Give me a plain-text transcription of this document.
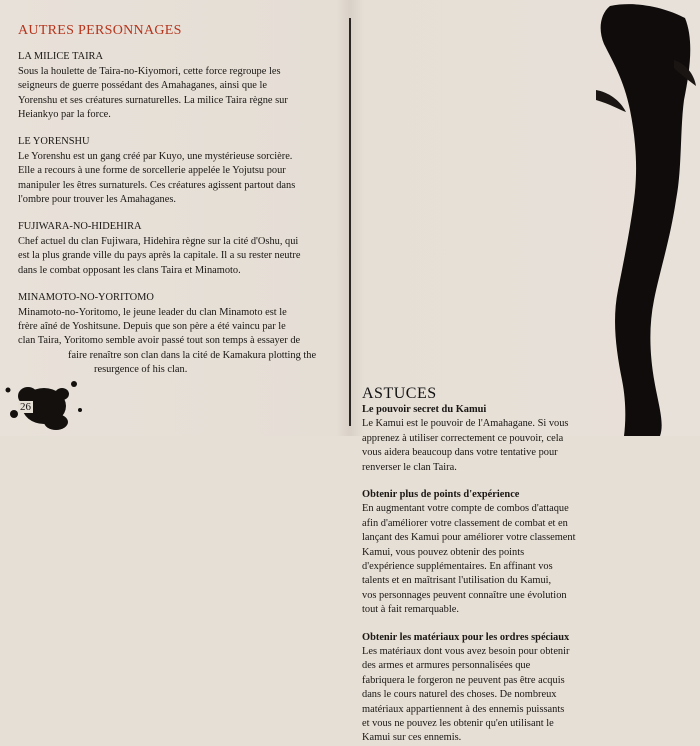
AUTRES PERSONNAGES
LA MILICE TAIRA

Sous la houlette de Taira-no-Kiyomori, cette force regroupe les

seigneurs de guerre possédant des Amahaganes, ainsi que le

Yorenshu et ses créatures surnaturelles. La milice Taira règne sur

Heiankyo par la force.

LE YORENSHU

Le Yorenshu est un gang créé par Kuyo, une mystérieuse sorcière.

Elle a recours à une forme de sorcellerie appelée le Yojutsu pour

manipuler les êtres surnaturels. Ces créatures agissent partout dans

l'ombre pour trouver les Amahaganes.

FUJIWARA-NO-HIDEHIRA

Chef actuel du clan Fujiwara, Hidehira règne sur la cité d'Oshu, qui

est la plus grande ville du pays après la capitale. Il a su rester neutre

dans le combat opposant les clans Taira et Minamoto.

MINAMOTO-NO-YORITOMO

Minamoto-no-Yoritomo, le jeune leader du clan Minamoto est le

frère aîné de Yoshitsune. Depuis que son père a été vaincu par le

clan Taira, Yoritomo semble avoir passé tout son temps à essayer de

faire renaître son clan dans la cité de Kamakura plotting the

resurgence of his clan.

26
ASTUCES
Le pouvoir secret du Kamui

Le Kamui est le pouvoir de l'Amahagane. Si vous

apprenez à utiliser correctement ce pouvoir, cela

vous aidera beaucoup dans votre tentative pour

renverser le clan Taira.

Obtenir plus de points d'expérience

En augmentant votre compte de combos d'attaque

afin d'améliorer votre classement de combat et en

lançant des Kamui pour améliorer votre classement

Kamui, vous pouvez obtenir des points

d'expérience supplémentaires. En affinant vos

talents et en maîtrisant l'utilisation du Kamui,

vos personnages peuvent connaître une évolution

tout à fait remarquable.

Obtenir les matériaux pour les ordres spéciaux

Les matériaux dont vous avez besoin pour obtenir

des armes et armures personnalisées que

fabriquera le forgeron ne peuvent pas être acquis

dans le cours naturel des choses. De nombreux

matériaux appartiennent à des ennemis puissants

et vous ne pouvez les obtenir qu'en utilisant le

Kamui sur ces ennemis.
